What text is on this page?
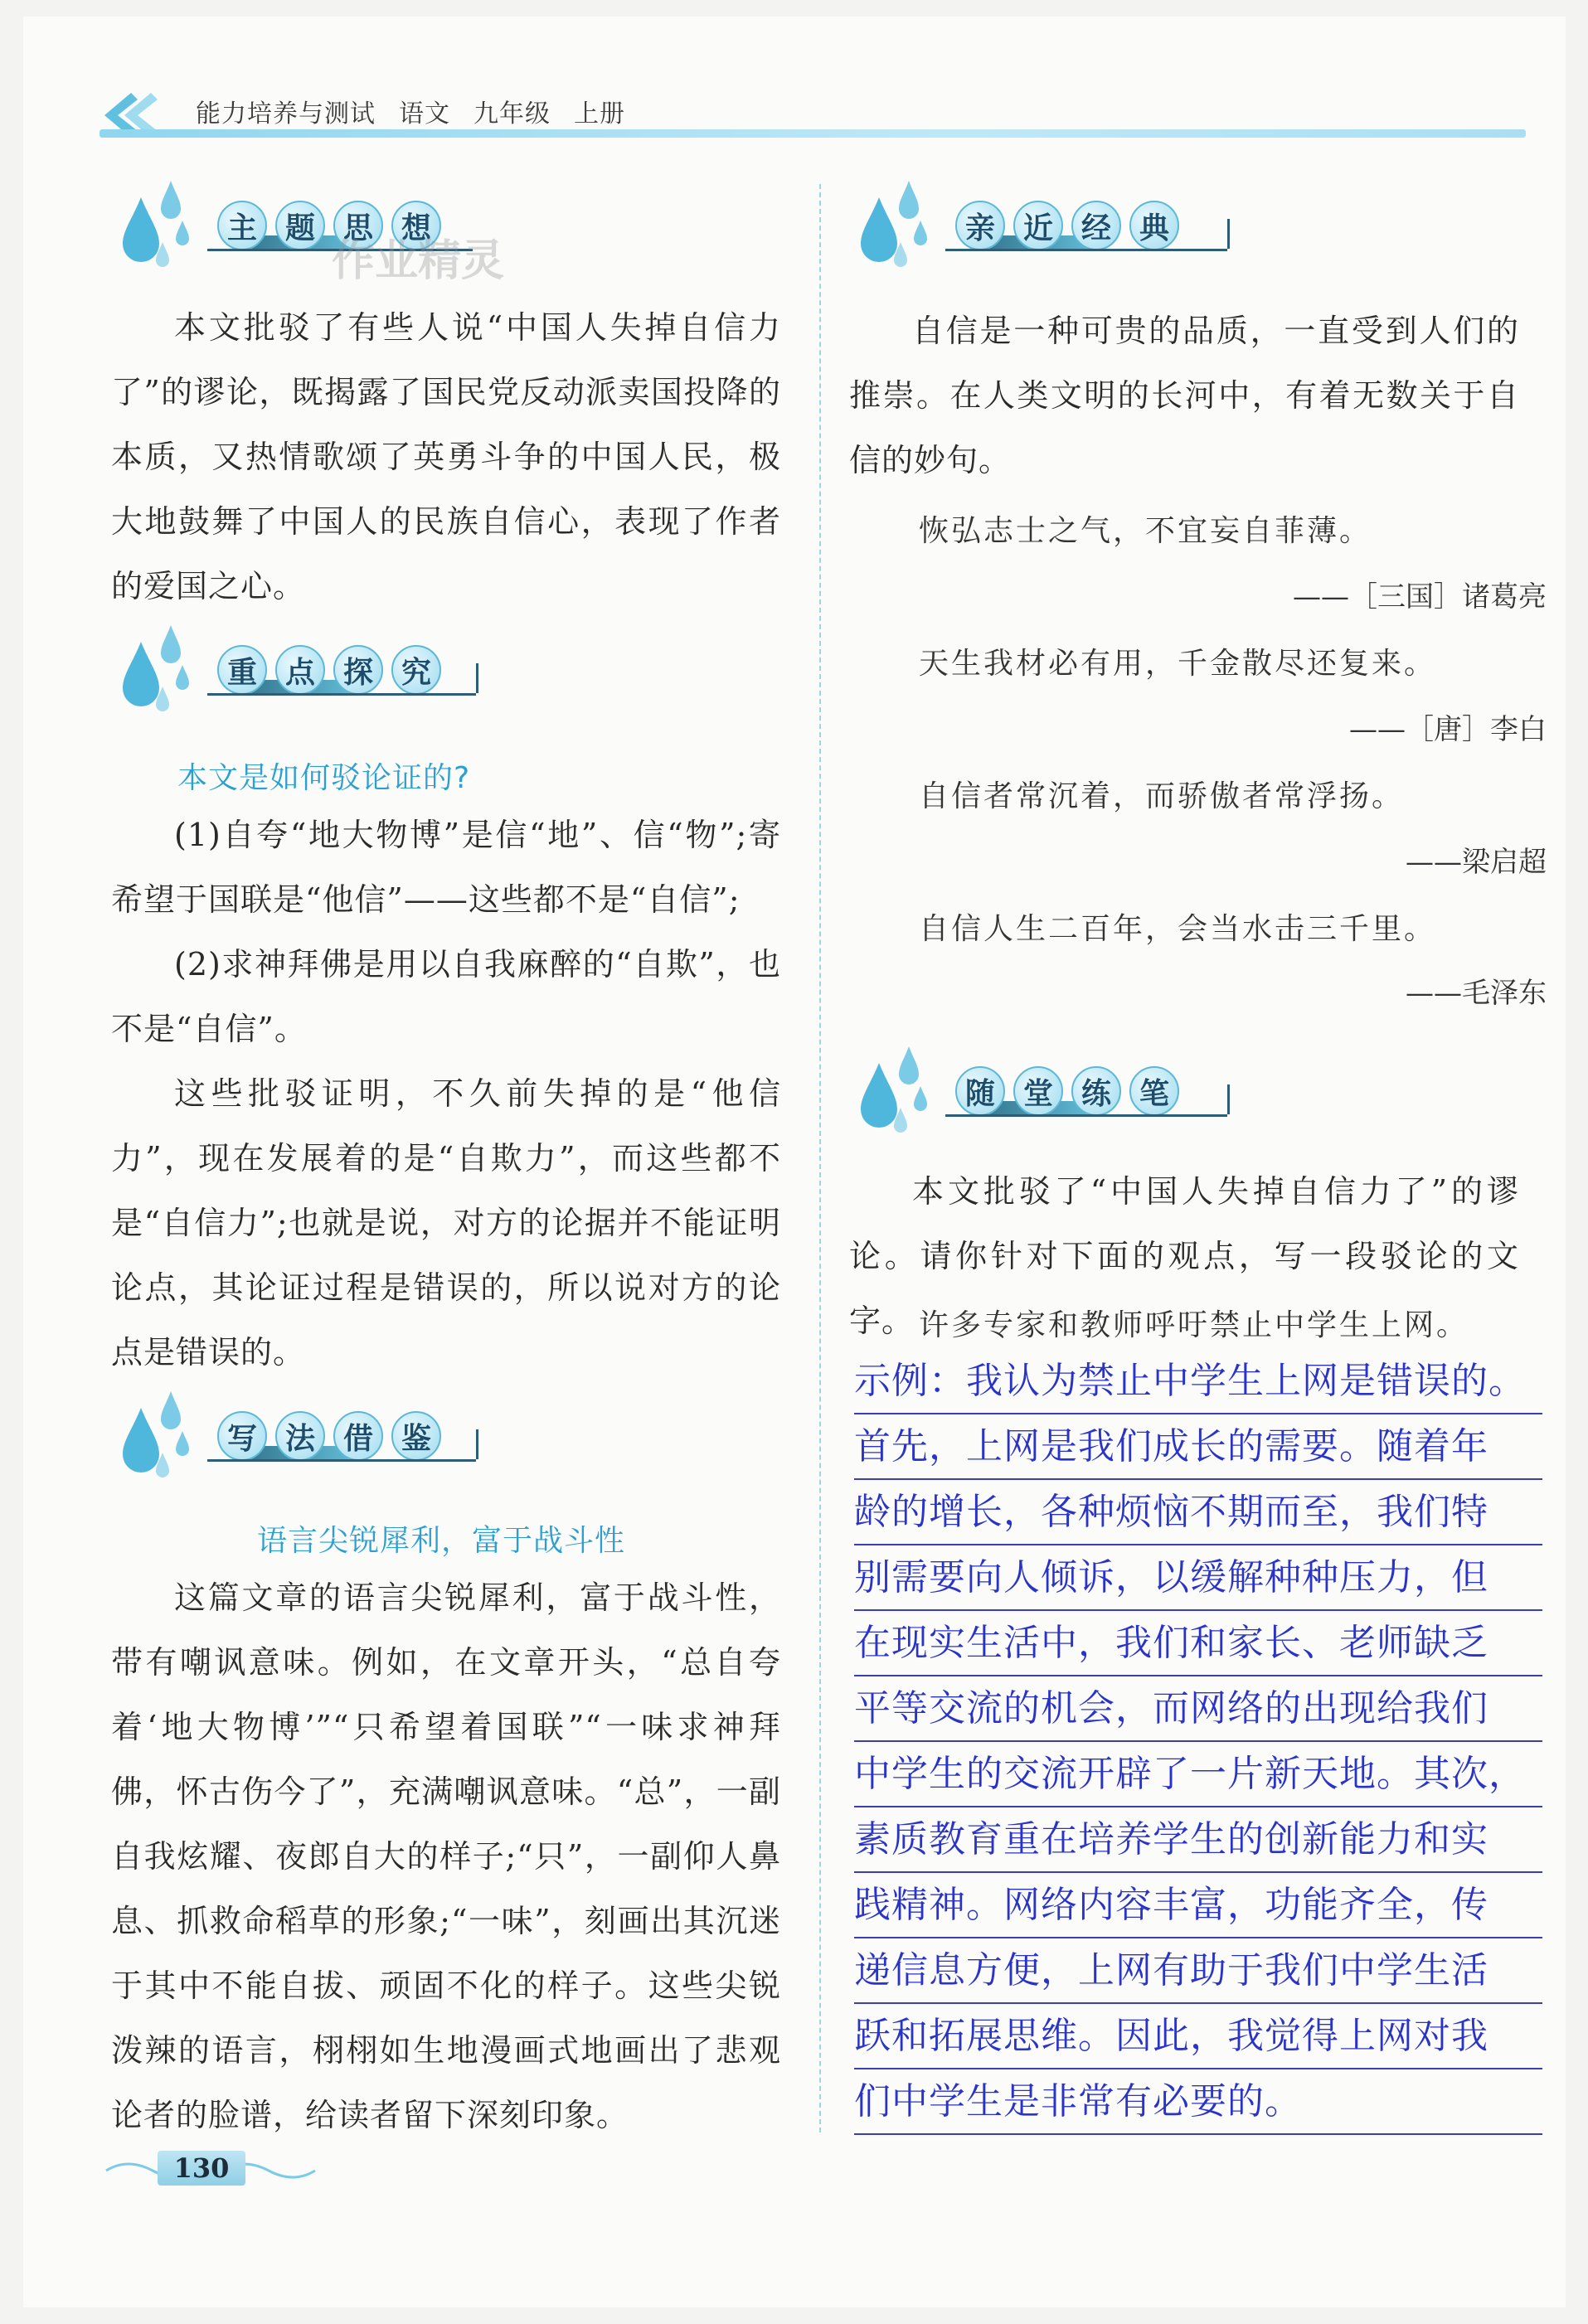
能力培养与测试 语文 九年级 上册
主 题 思 想
作业精灵

本文批驳了有些人说“中国人失掉自信力了”的谬论，既揭露了国民党反动派卖国投降的本质，又热情歌颂了英勇斗争的中国人民，极大地鼓舞了中国人的民族自信心，表现了作者的爱国之心。

重 点 探 究
本文是如何驳论证的?

(1)自夸“地大物博”是信“地”、信“物”;寄希望于国联是“他信”——这些都不是“自信”;

(2)求神拜佛是用以自我麻醉的“自欺”，也不是“自信”。

这些批驳证明，不久前失掉的是“他信力”，现在发展着的是“自欺力”，而这些都不是“自信力”;也就是说，对方的论据并不能证明论点，其论证过程是错误的，所以说对方的论点是错误的。

写 法 借 鉴
语言尖锐犀利，富于战斗性

这篇文章的语言尖锐犀利，富于战斗性，带有嘲讽意味。例如，在文章开头，“总自夸着‘地大物博’”“只希望着国联”“一味求神拜佛，怀古伤今了”，充满嘲讽意味。“总”，一副自我炫耀、夜郎自大的样子;“只”，一副仰人鼻息、抓救命稻草的形象;“一味”，刻画出其沉迷于其中不能自拔、顽固不化的样子。这些尖锐泼辣的语言，栩栩如生地漫画式地画出了悲观论者的脸谱，给读者留下深刻印象。

130
亲 近 经 典

自信是一种可贵的品质，一直受到人们的推崇。在人类文明的长河中，有着无数关于自信的妙句。

恢弘志士之气，不宜妄自菲薄。
——［三国］诸葛亮
天生我材必有用，千金散尽还复来。
——［唐］李白
自信者常沉着，而骄傲者常浮扬。
——梁启超
自信人生二百年，会当水击三千里。
——毛泽东
随 堂 练 笔

本文批驳了“中国人失掉自信力了”的谬论。请你针对下面的观点，写一段驳论的文字。 许多专家和教师呼吁禁止中学生上网。
示例：我认为禁止中学生上网是错误的。
首先，上网是我们成长的需要。随着年
龄的增长，各种烦恼不期而至，我们特
别需要向人倾诉，以缓解种种压力，但
在现实生活中，我们和家长、老师缺乏
平等交流的机会，而网络的出现给我们
中学生的交流开辟了一片新天地。其次，
素质教育重在培养学生的创新能力和实
践精神。网络内容丰富，功能齐全，传
递信息方便，上网有助于我们中学生活
跃和拓展思维。因此，我觉得上网对我
们中学生是非常有必要的。
